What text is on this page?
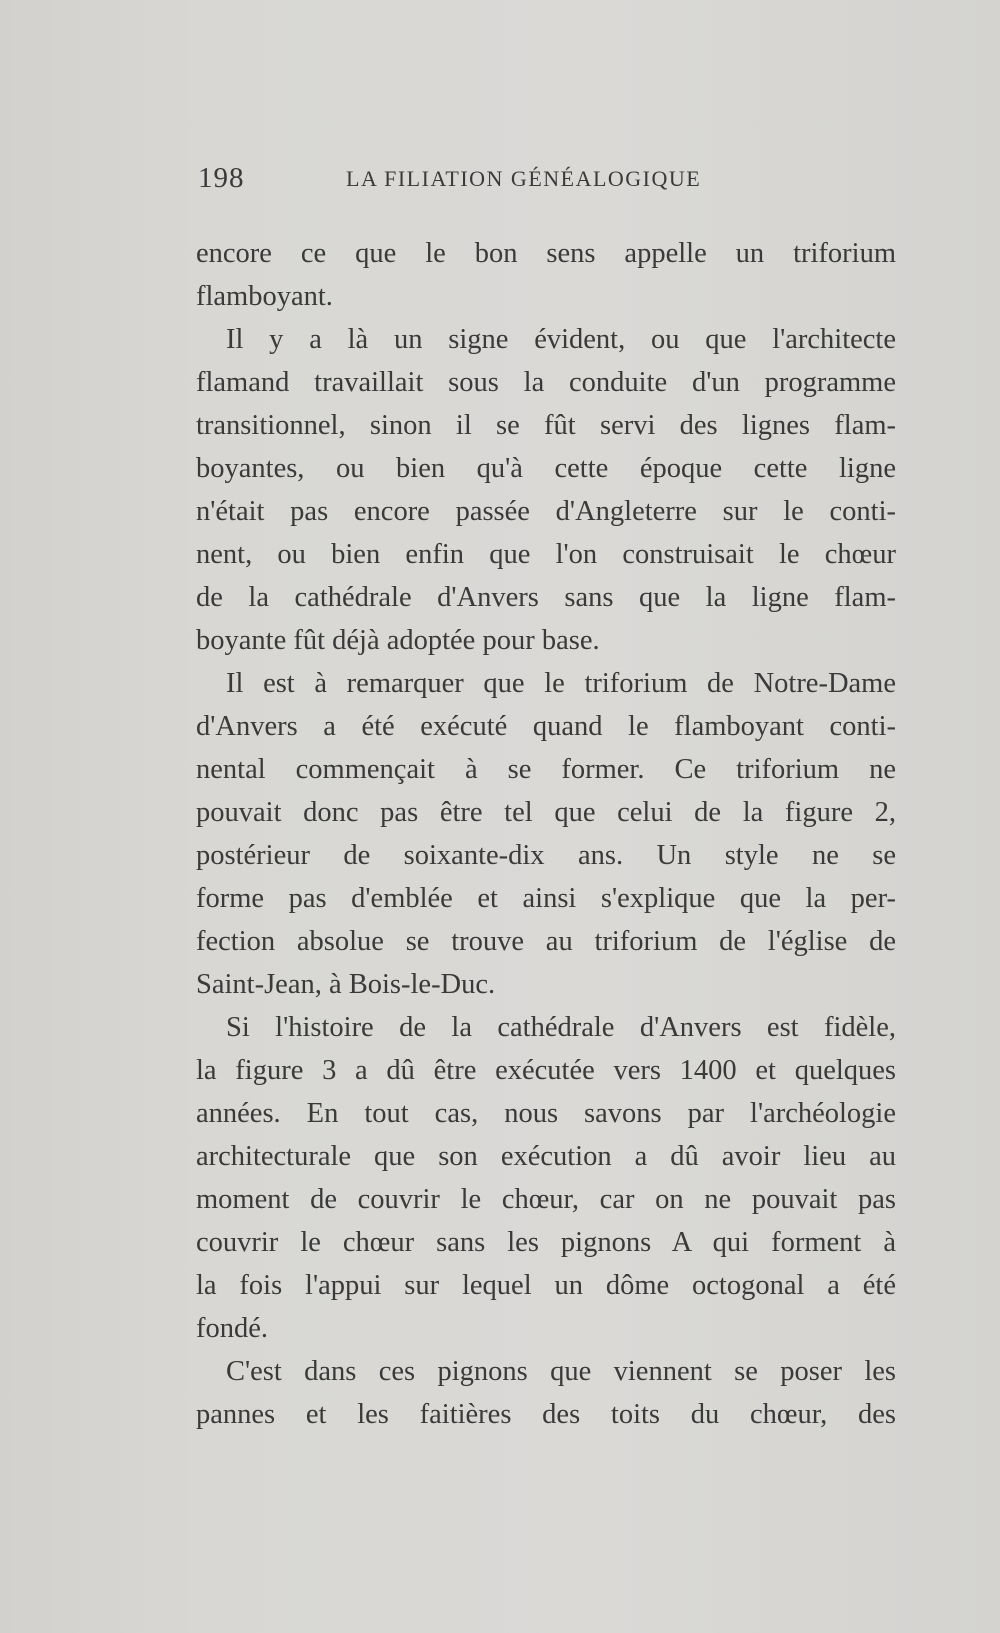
198	LA FILIATION GÉNÉALOGIQUE
encore ce que le bon sens appelle un triforium
flamboyant.
Il y a là un signe évident, ou que l'architecte
flamand travaillait sous la conduite d'un programme
transitionnel, sinon il se fût servi des lignes flam-
boyantes, ou bien qu'à cette époque cette ligne
n'était pas encore passée d'Angleterre sur le conti-
nent, ou bien enfin que l'on construisait le chœur
de la cathédrale d'Anvers sans que la ligne flam-
boyante fût déjà adoptée pour base.
Il est à remarquer que le triforium de Notre-Dame
d'Anvers a été exécuté quand le flamboyant conti-
nental commençait à se former. Ce triforium ne
pouvait donc pas être tel que celui de la figure 2,
postérieur de soixante-dix ans. Un style ne se
forme pas d'emblée et ainsi s'explique que la per-
fection absolue se trouve au triforium de l'église de
Saint-Jean, à Bois-le-Duc.
Si l'histoire de la cathédrale d'Anvers est fidèle,
la figure 3 a dû être exécutée vers 1400 et quelques
années. En tout cas, nous savons par l'archéologie
architecturale que son exécution a dû avoir lieu au
moment de couvrir le chœur, car on ne pouvait pas
couvrir le chœur sans les pignons A qui forment à
la fois l'appui sur lequel un dôme octogonal a été
fondé.
C'est dans ces pignons que viennent se poser les
pannes et les faitières des toits du chœur, des
